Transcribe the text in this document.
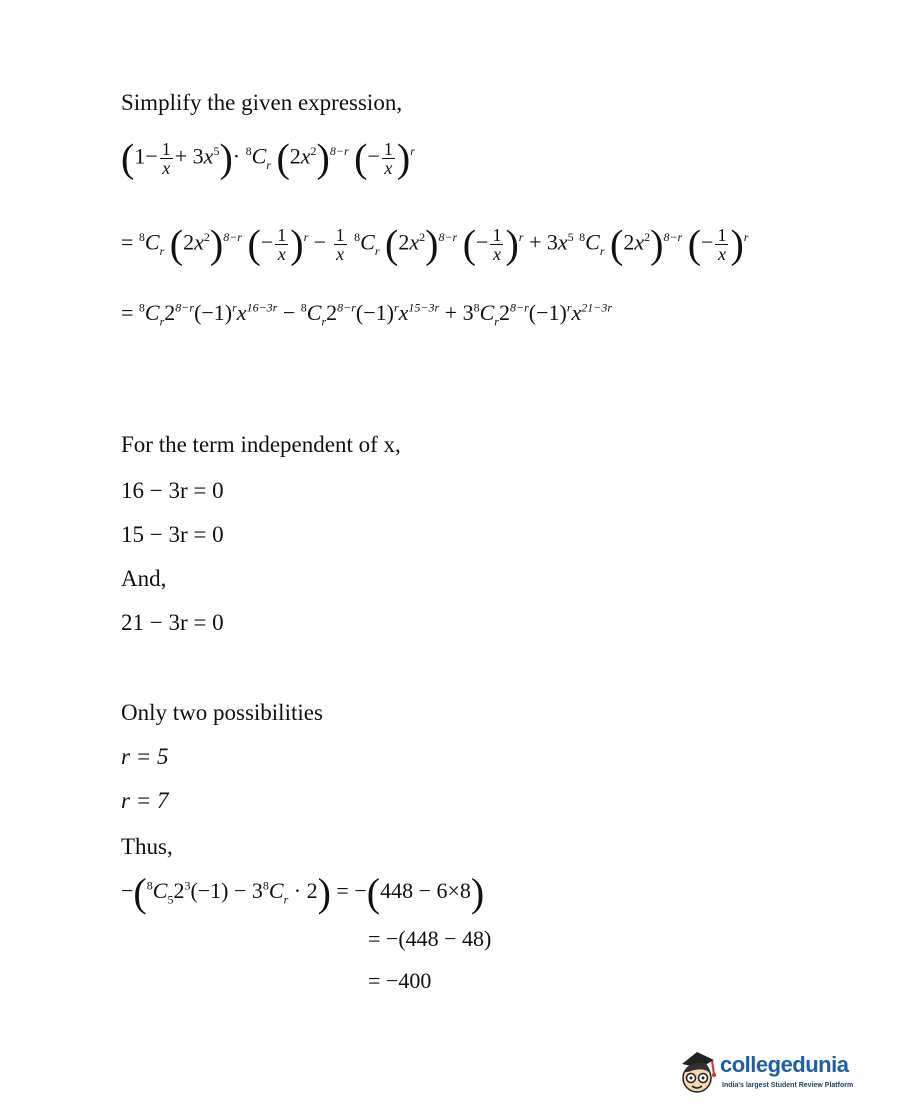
Simplify the given expression,
$(1- \frac{1}{x} + 3x^5)\cdot ^8C_r$ $(2x^2)^{8-r}$ (− $\frac{1}{x} )^r$
= $^8C_r$ $(2x^2)^{8-r}$ (− $\frac{1}{x} )^r - \frac{1}{x} ^8C_r$ $(2x^2)^{8-r}$ (− $\frac{1}{x} )^r + 3x^5$ $^8C_r$ $(2x^2)^{8-r}$ (− $\frac{1}{x} )^r$
= $^8C_r2^{8-r}(-1)^rx^{16-3r} - ^8C_r2^{8-r}(-1)^rx^{15-3r} + 3^8C_r2^{8-r}(-1)^rx^{21-3r}$
For the term independent of x,
16 − 3r = 0
15 − 3r = 0
And,
21 − 3r = 0
Only two possibilities
r = 5
r = 7
Thus,
$-(^8C_52^3(-1) - 3^8C_r \cdot 2) = -(448 - 6\times 8)$
= −(448 − 48)
= −400
collegedunia
India's largest Student Review Platform
